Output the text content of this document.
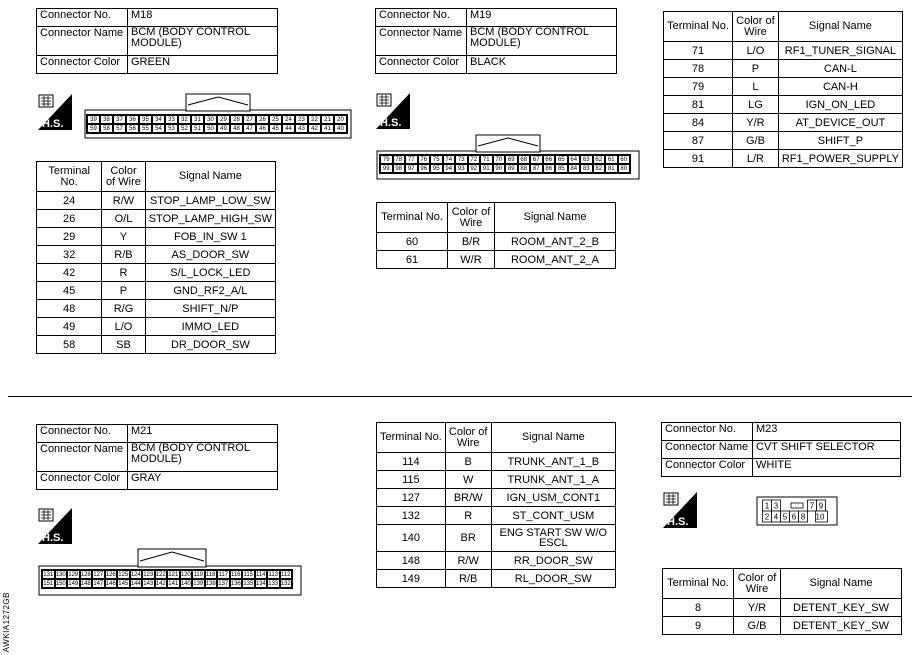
Connector No.	M18
Connector Name	BCM (BODY CONTROL MODULE)
Connector Color	GREEN
H.S.	39	38	37	36	35	34	33	32	31	30	29	28	27	26	25	24	23	22	21	20
59	58	57	56	55	54	53	52	51	50	49	48	47	46	45	44	43	42	41	40
Terminal No.	Color of Wire	Signal Name
24	R/W	STOP_LAMP_LOW_SW
26	O/L	STOP_LAMP_HIGH_SW
29	Y	FOB_IN_SW 1
32	R/B	AS_DOOR_SW
42	R	S/L_LOCK_LED
45	P	GND_RF2_A/L
48	R/G	SHIFT_N/P
49	L/O	IMMO_LED
58	SB	DR_DOOR_SW
Connector No.	M19
Connector Name	BCM (BODY CONTROL MODULE)
Connector Color	BLACK
H.S.
79 78 77 76 75 74 73 72 71 70 69 68 67 66 65 64 63 62 61 60
99 98 97 96 95 94 93 92 91 90 89 88 87 86 85 84 83 82 81 80
Terminal No.	Color of Wire	Signal Name
60	B/R	ROOM_ANT_2_B
61	W/R	ROOM_ANT_2_A
Terminal No.	Color of Wire	Signal Name
71	L/O	RF1_TUNER_SIGNAL
78	P	CAN-L
79	L	CAN-H
81	LG	IGN_ON_LED
84	Y/R	AT_DEVICE_OUT
87	G/B	SHIFT_P
91	L/R	RF1_POWER_SUPPLY
Connector No.	M21
Connector Name	BCM (BODY CONTROL MODULE)
Connector Color	GRAY
H.S.
131 130 129 128 127 126 125 124 123 122 121 120 119 118 117 116 115 114 113 112
151 150 149 148 147 146 145 144 143 142 141 140 139 138 137 136 135 134 133 132
Terminal No.	Color of Wire	Signal Name
114	B	TRUNK_ANT_1_B
115	W	TRUNK_ANT_1_A
127	BR/W	IGN_USM_CONT1
132	R	ST_CONT_USM
140	BR	ENG START SW W/O ESCL
148	R/W	RR_DOOR_SW
149	R/B	RL_DOOR_SW
Connector No.	M23
Connector Name	CVT SHIFT SELECTOR
Connector Color	WHITE
H.S.
1 3	7 9
2 4 5 6 8 10
Terminal No.	Color of Wire	Signal Name
8	Y/R	DETENT_KEY_SW
9	G/B	DETENT_KEY_SW
AWKIA1272GB
